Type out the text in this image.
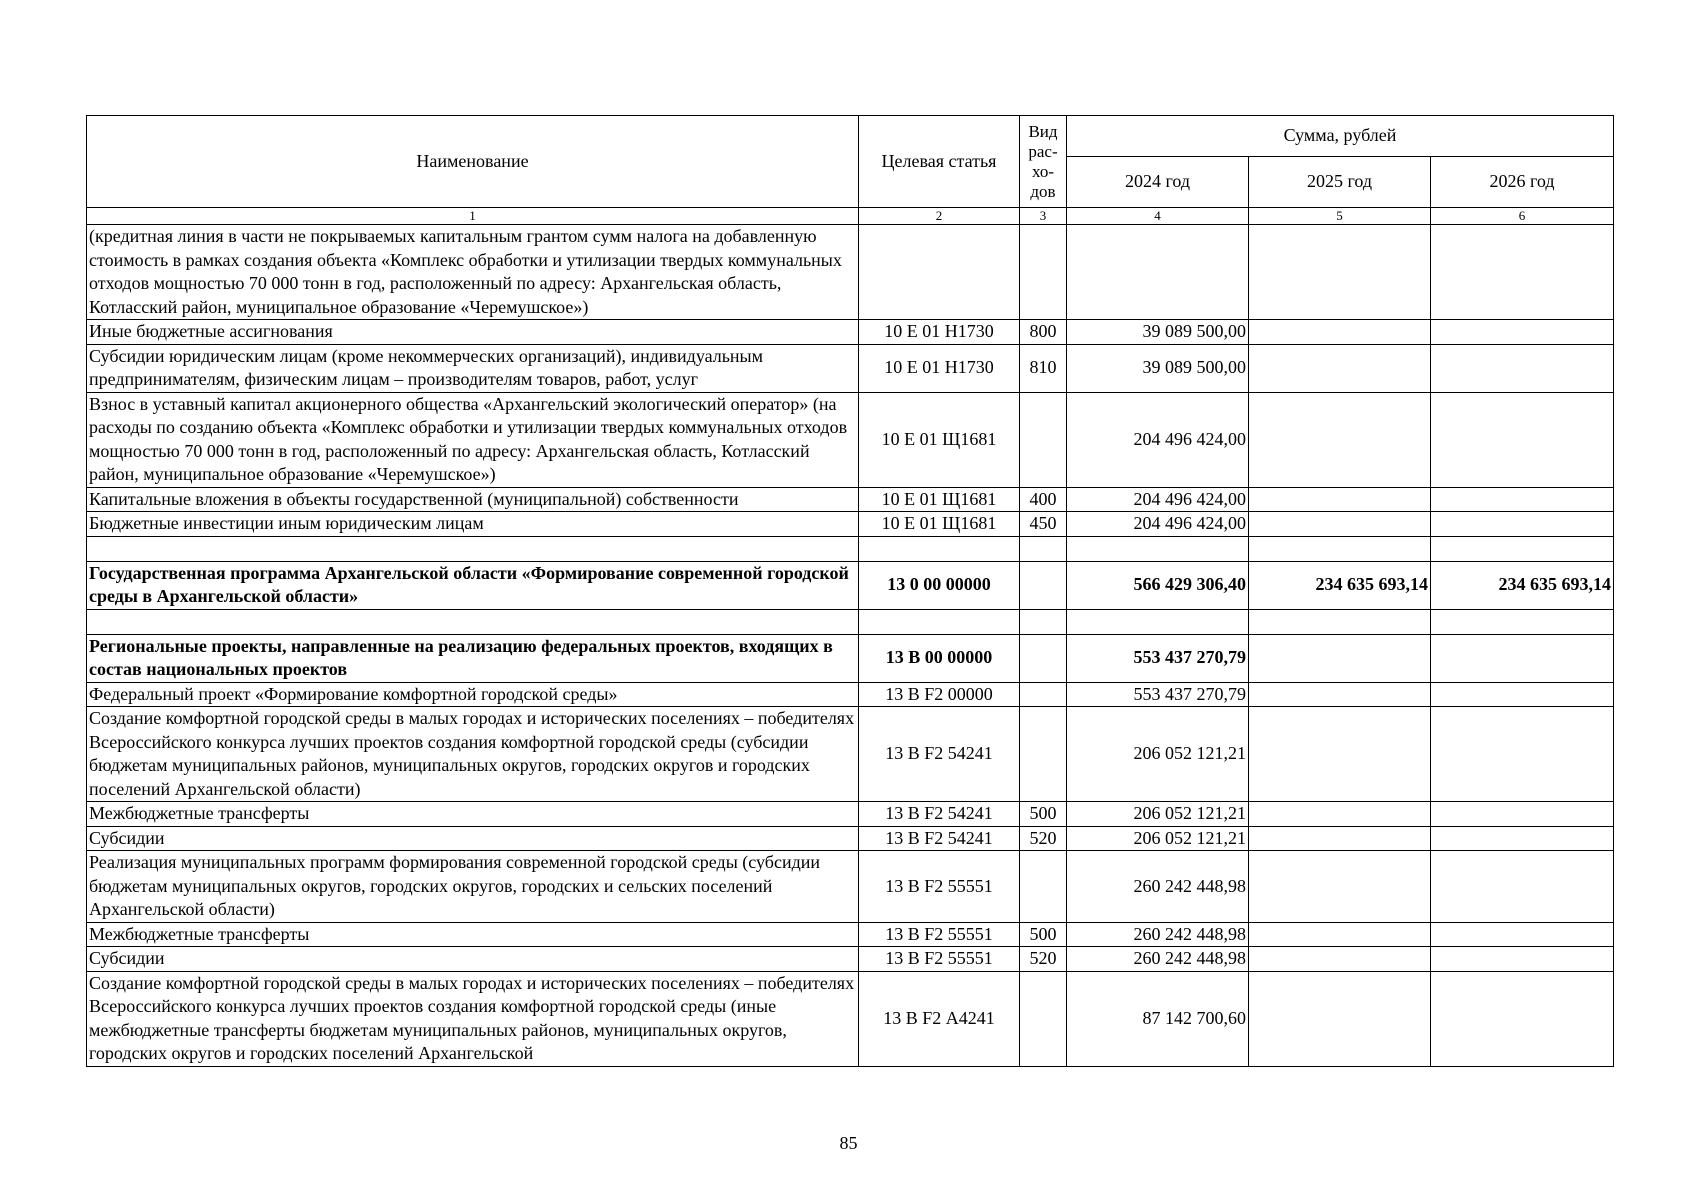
Наименование	Целевая статья	Вид рас-хо-дов	Сумма, рублей		
			2024 год	2025 год	2026 год
1	2	3	4	5	6
(кредитная линия в части не покрываемых капитальным грантом сумм налога на добавленную стоимость в рамках создания объекта «Комплекс обработки и утилизации твердых коммунальных отходов мощностью 70 000 тонн в год, расположенный по адресу: Архангельская область, Котласский район, муниципальное образование «Черемушское»)					
Иные бюджетные ассигнования	10 Е 01 Н1730	800	39 089 500,00		
Субсидии юридическим лицам (кроме некоммерческих организаций), индивидуальным предпринимателям, физическим лицам – производителям товаров, работ, услуг	10 Е 01 Н1730	810	39 089 500,00		
Взнос в уставный капитал акционерного общества «Архангельский экологический оператор» (на расходы по созданию объекта «Комплекс обработки и утилизации твердых коммунальных отходов мощностью 70 000 тонн в год, расположенный по адресу: Архангельская область, Котласский район, муниципальное образование «Черемушское»)	10 Е 01 Щ1681		204 496 424,00		
Капитальные вложения в объекты государственной (муниципальной) собственности	10 Е 01 Щ1681	400	204 496 424,00		
Бюджетные инвестиции иным юридическим лицам	10 Е 01 Щ1681	450	204 496 424,00		

Государственная программа Архангельской области «Формирование современной городской среды в Архангельской области»	13 0 00 00000		566 429 306,40	234 635 693,14	234 635 693,14

Региональные проекты, направленные на реализацию федеральных проектов, входящих в состав национальных проектов	13 В 00 00000		553 437 270,79		
Федеральный проект «Формирование комфортной городской среды»	13 В F2 00000		553 437 270,79		
Создание комфортной городской среды в малых городах и исторических поселениях – победителях Всероссийского конкурса лучших проектов создания комфортной городской среды (субсидии бюджетам муниципальных районов, муниципальных округов, городских округов и городских поселений Архангельской области)	13 В F2 54241		206 052 121,21		
Межбюджетные трансферты	13 В F2 54241	500	206 052 121,21		
Субсидии	13 В F2 54241	520	206 052 121,21		
Реализация муниципальных программ формирования современной городской среды (субсидии бюджетам муниципальных округов, городских округов, городских и сельских поселений Архангельской области)	13 В F2 55551		260 242 448,98		
Межбюджетные трансферты	13 В F2 55551	500	260 242 448,98		
Субсидии	13 В F2 55551	520	260 242 448,98		
Создание комфортной городской среды в малых городах и исторических поселениях – победителях Всероссийского конкурса лучших проектов создания комфортной городской среды (иные межбюджетные трансферты бюджетам муниципальных районов, муниципальных округов, городских округов и городских поселений Архангельской	13 В F2 А4241		87 142 700,60		
85
